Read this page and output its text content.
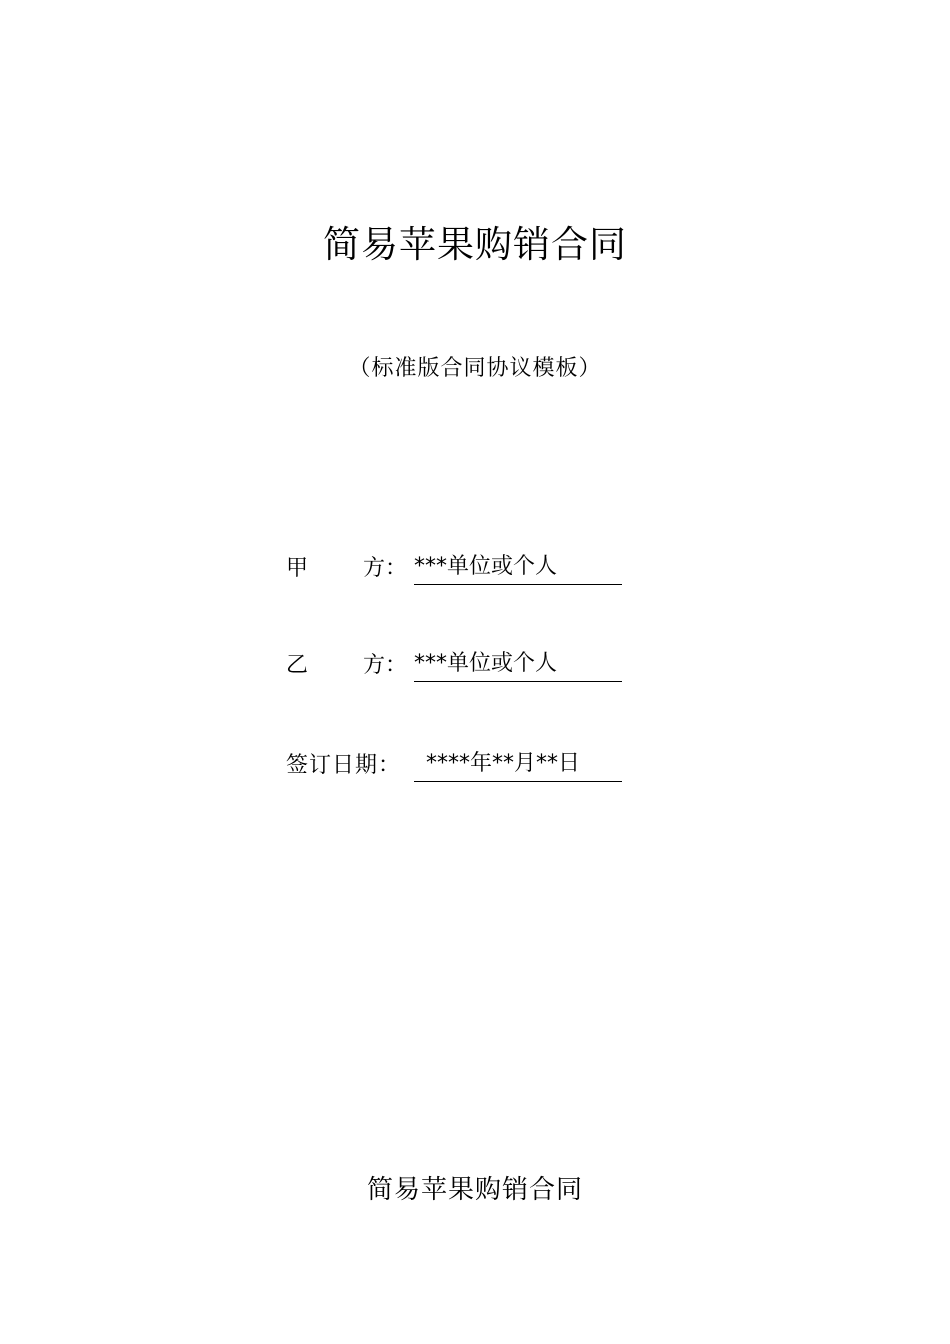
简易苹果购销合同
（标准版合同协议模板）
甲 方： ***单位或个人
乙 方： ***单位或个人
签订日期：	****年**月**日
简易苹果购销合同
